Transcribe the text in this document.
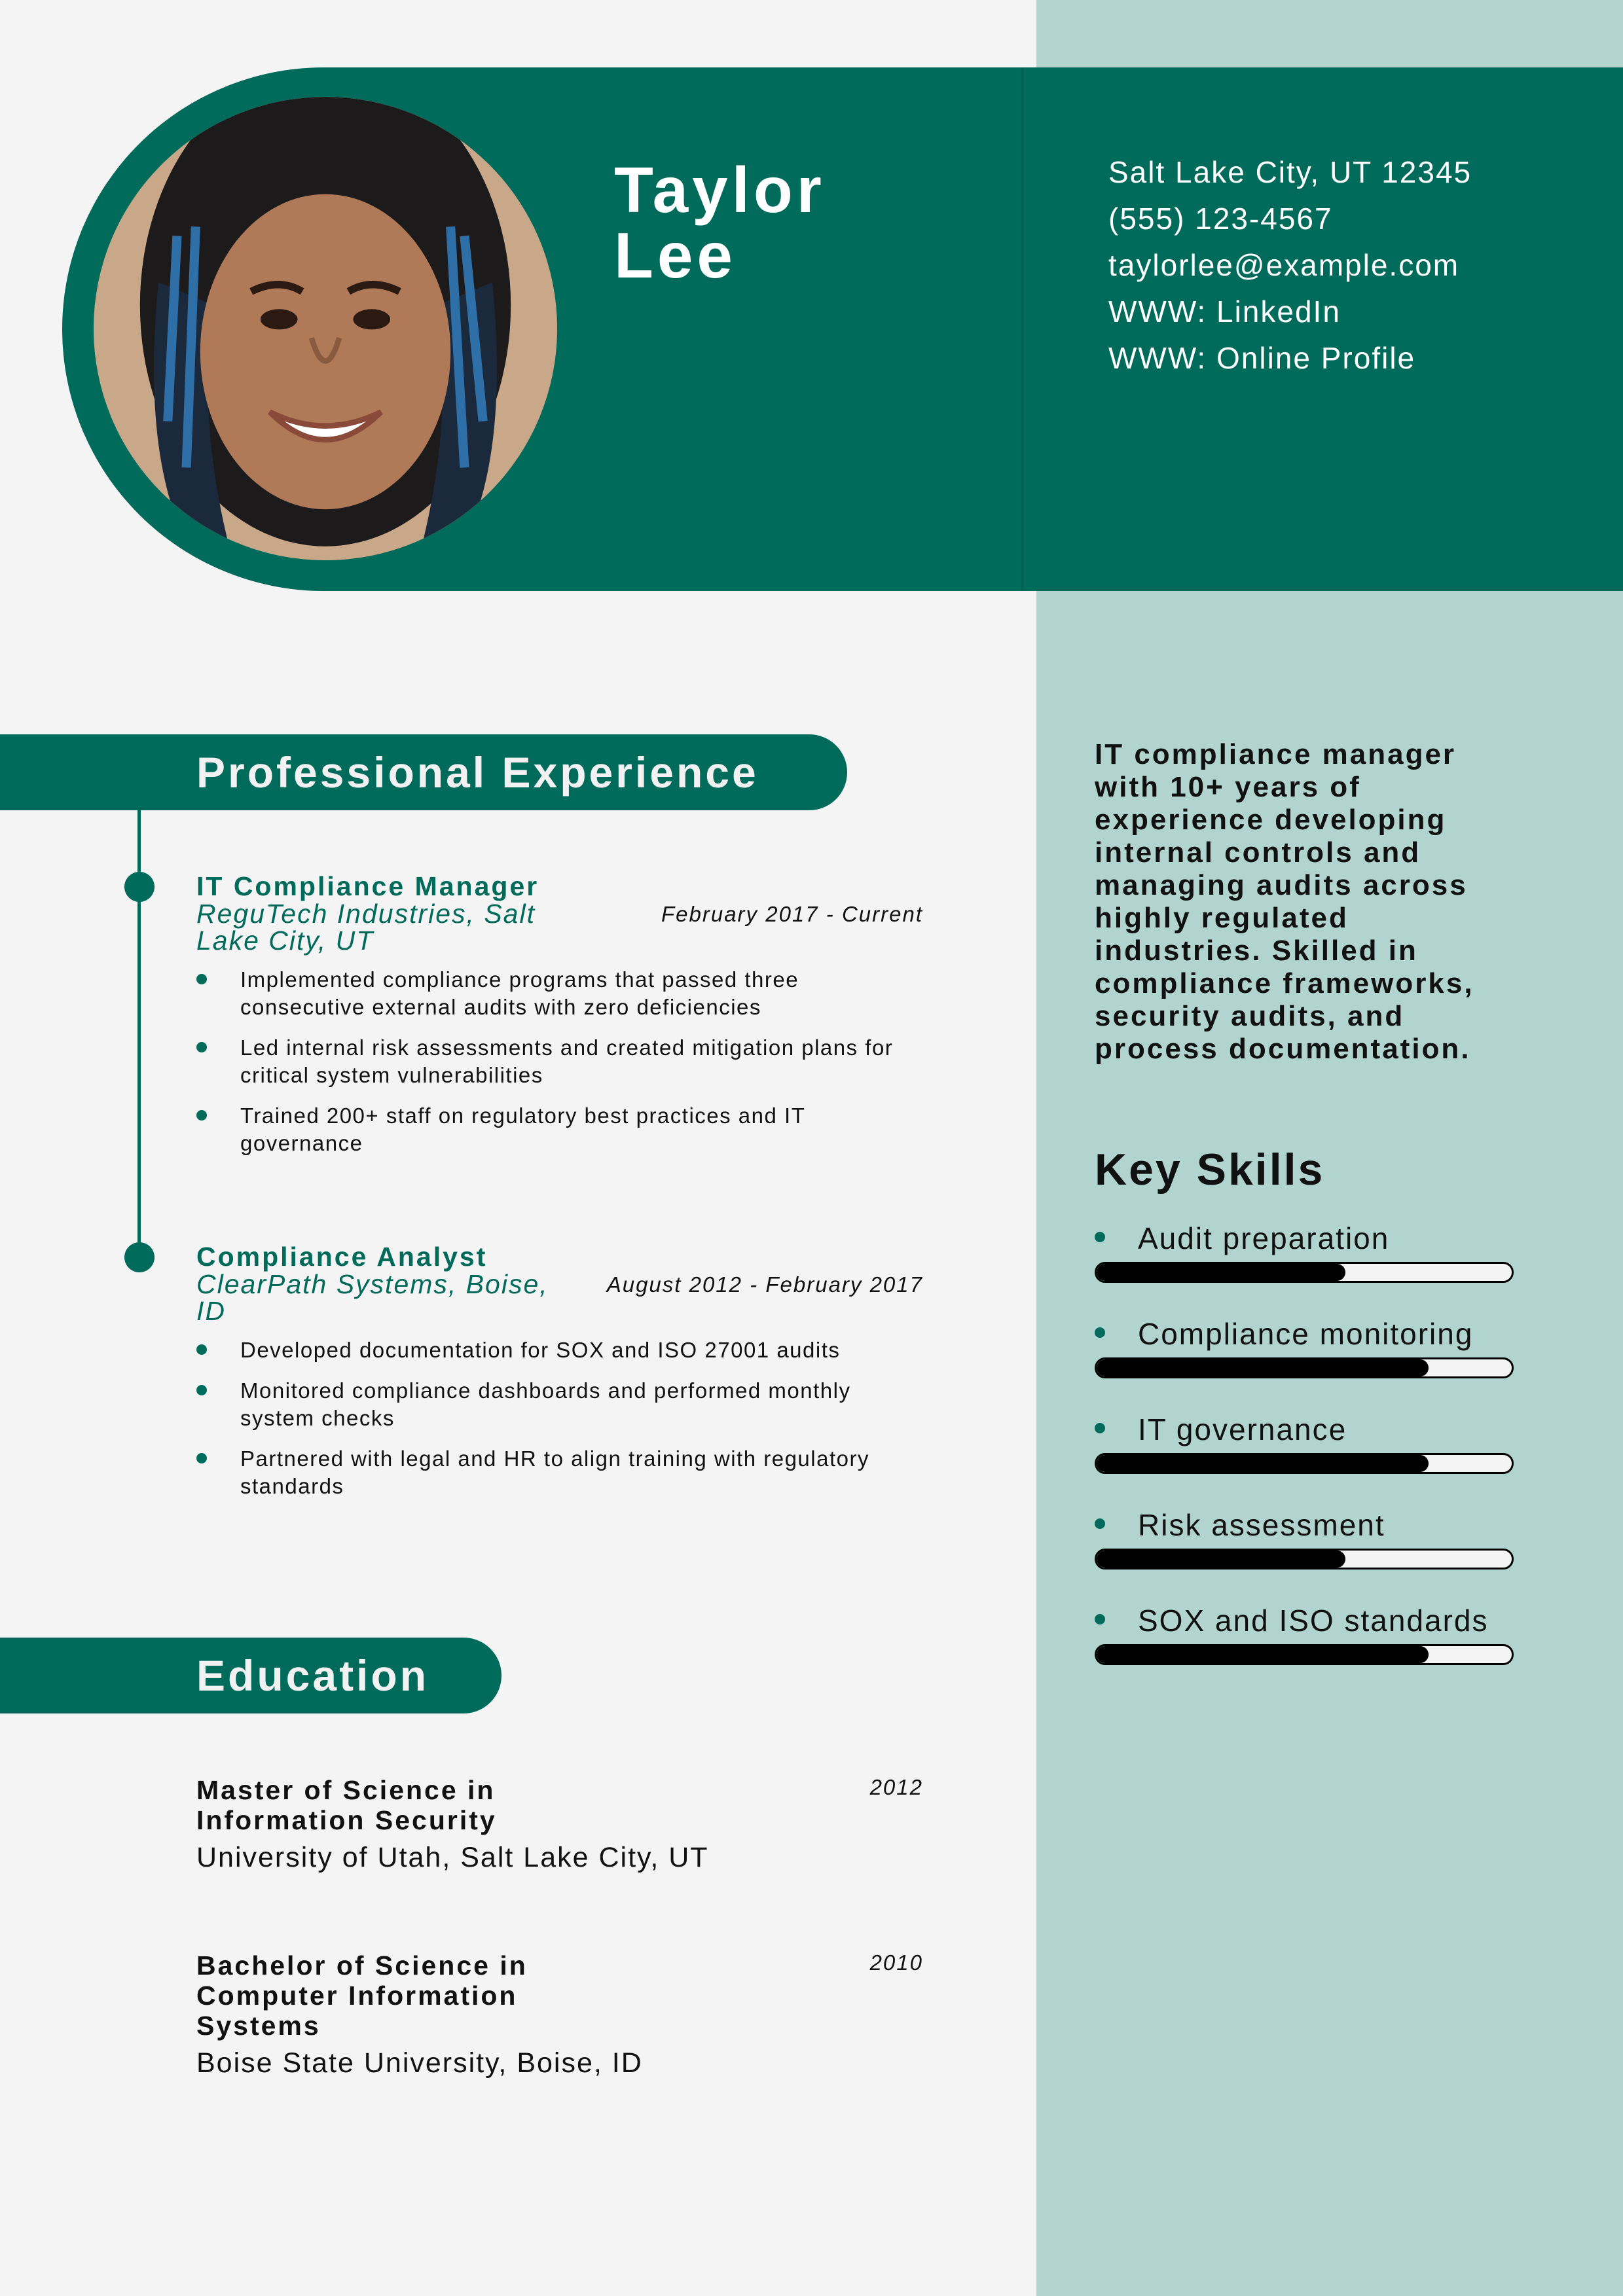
Taylor
Lee
Salt Lake City, UT 12345
(555) 123-4567
taylorlee@example.com
WWW: LinkedIn
WWW: Online Profile
Professional Experience
IT Compliance Manager
ReguTech Industries, Salt Lake City, UT
February 2017 - Current
Implemented compliance programs that passed three consecutive external audits with zero deficiencies
Led internal risk assessments and created mitigation plans for critical system vulnerabilities
Trained 200+ staff on regulatory best practices and IT governance
Compliance Analyst
ClearPath Systems, Boise, ID
August 2012 - February 2017
Developed documentation for SOX and ISO 27001 audits
Monitored compliance dashboards and performed monthly system checks
Partnered with legal and HR to align training with regulatory standards
Education
Master of Science in Information Security
2012
University of Utah, Salt Lake City, UT
Bachelor of Science in Computer Information Systems
2010
Boise State University, Boise, ID
IT compliance manager with 10+ years of experience developing internal controls and managing audits across highly regulated industries. Skilled in compliance frameworks, security audits, and process documentation.
Key Skills
Audit preparation
Compliance monitoring
IT governance
Risk assessment
SOX and ISO standards
